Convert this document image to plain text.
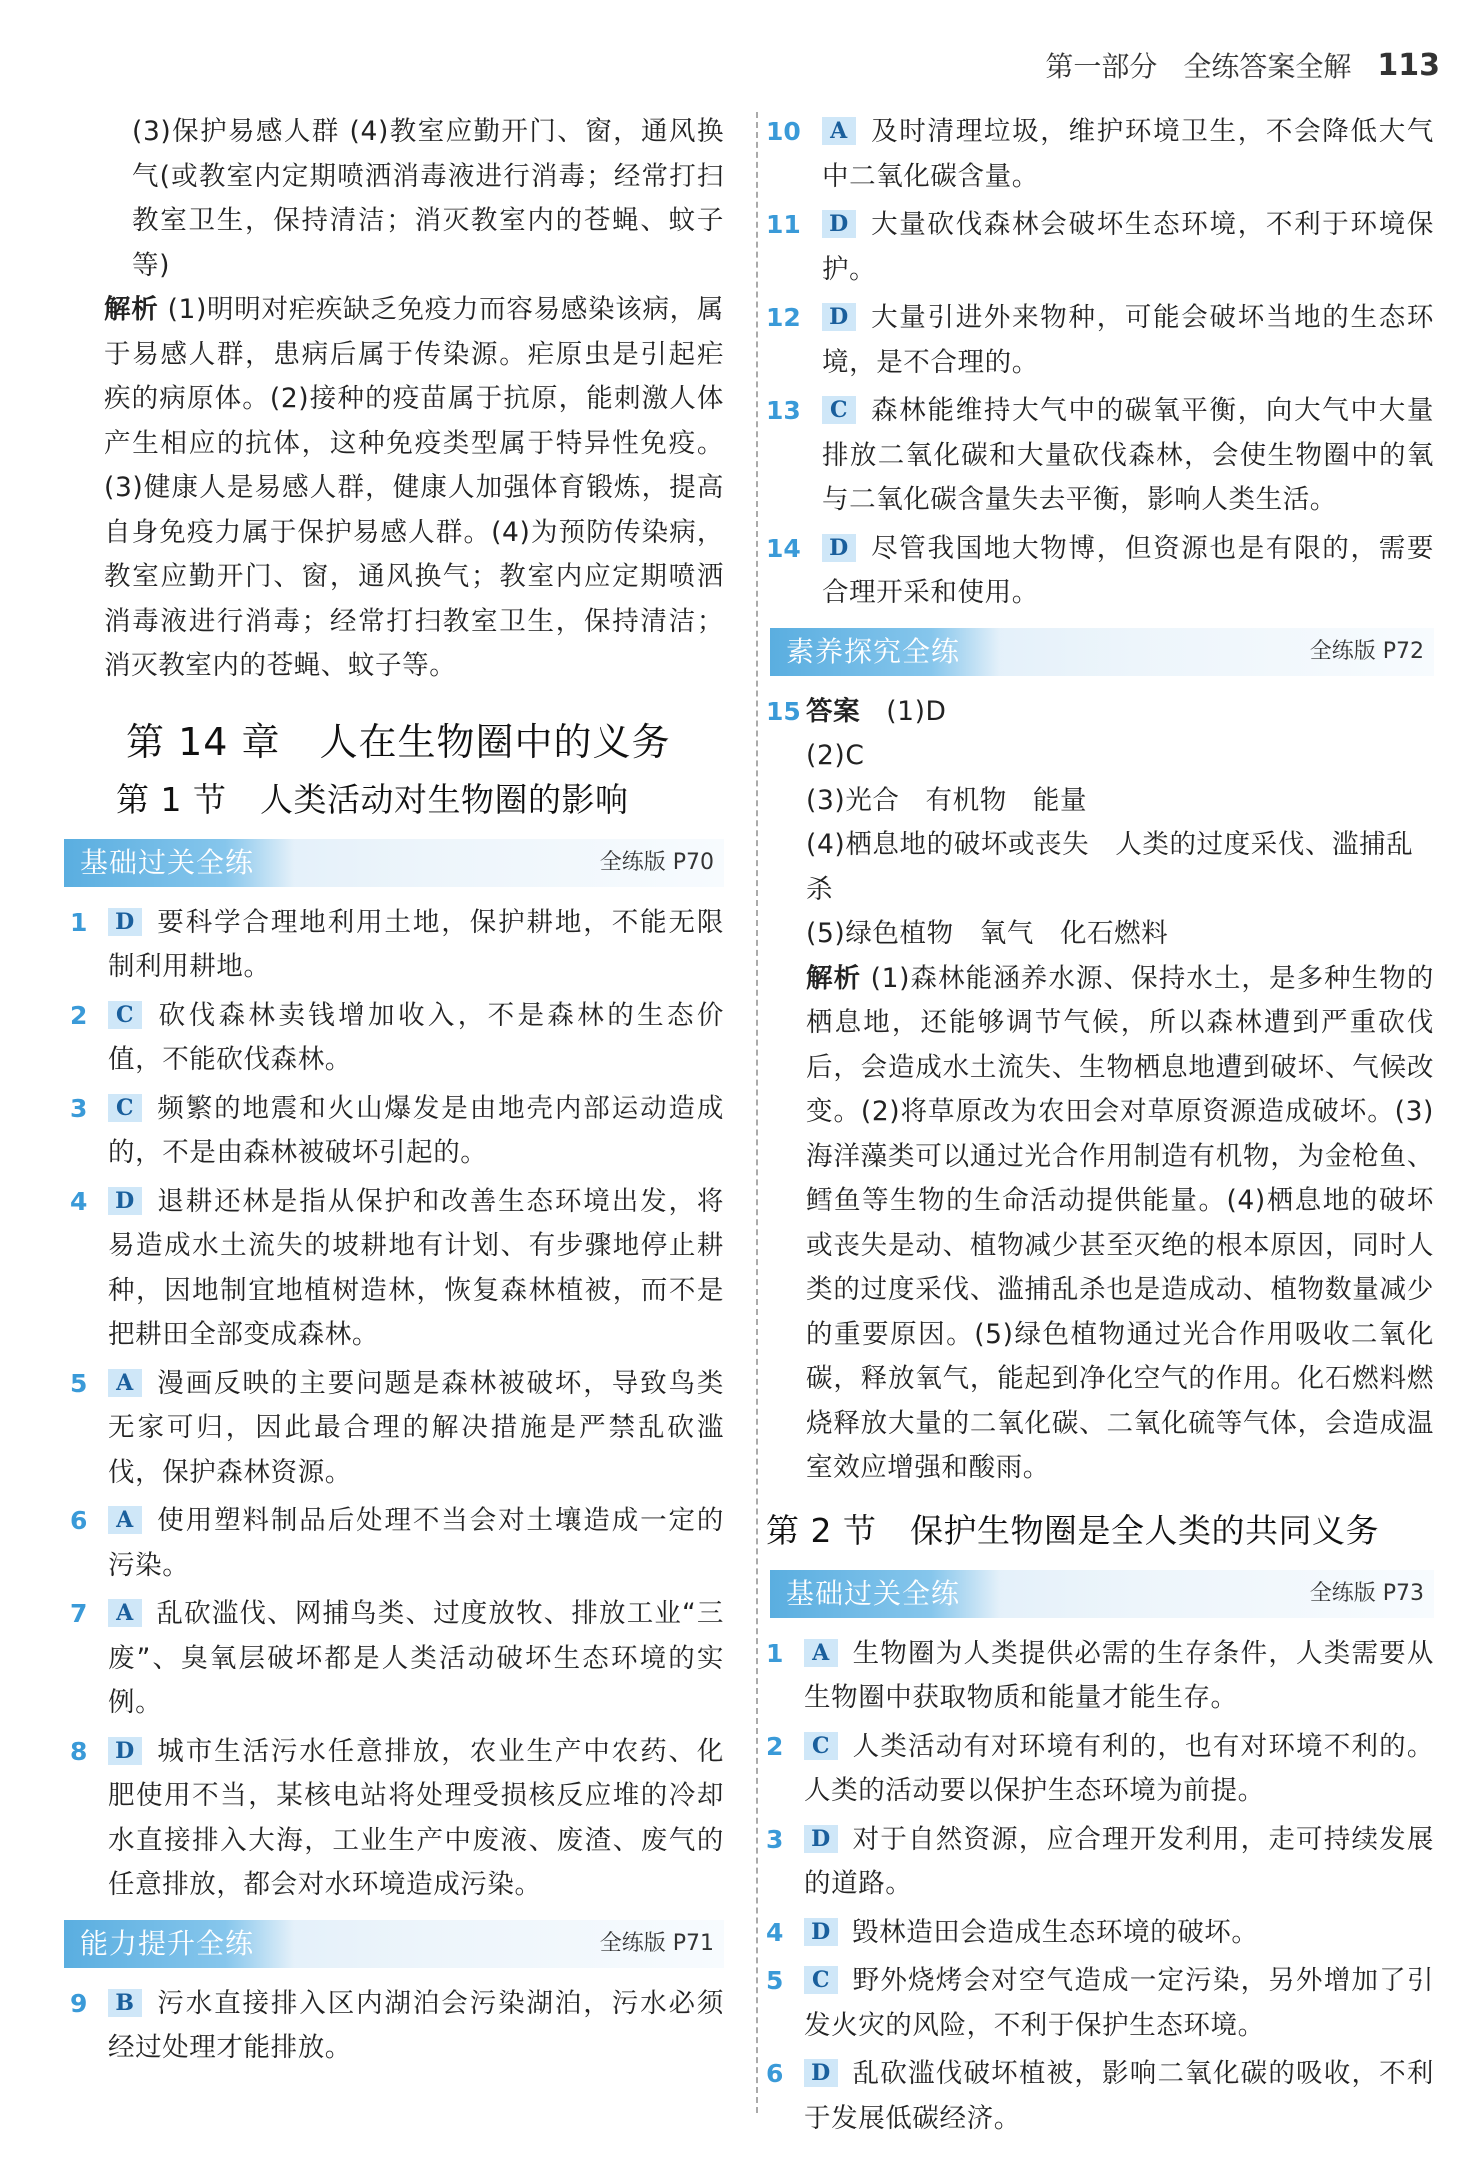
第一部分 全练答案全解 113

(3)保护易感人群 (4)教室应勤开门、窗，通风换气(或教室内定期喷洒消毒液进行消毒；经常打扫教室卫生，保持清洁；消灭教室内的苍蝇、蚊子等)

解析 (1)明明对疟疾缺乏免疫力而容易感染该病，属于易感人群，患病后属于传染源。疟原虫是引起疟疾的病原体。(2)接种的疫苗属于抗原，能刺激人体产生相应的抗体，这种免疫类型属于特异性免疫。(3)健康人是易感人群，健康人加强体育锻炼，提高自身免疫力属于保护易感人群。(4)为预防传染病，教室应勤开门、窗，通风换气；教室内应定期喷洒消毒液进行消毒；经常打扫教室卫生，保持清洁；消灭教室内的苍蝇、蚊子等。

第 14 章　人在生物圈中的义务
第 1 节　人类活动对生物圈的影响
基础过关全练	全练版 P70
1	D 要科学合理地利用土地，保护耕地，不能无限制利用耕地。

2	C 砍伐森林卖钱增加收入，不是森林的生态价值，不能砍伐森林。

3	C 频繁的地震和火山爆发是由地壳内部运动造成的，不是由森林被破坏引起的。

4	D 退耕还林是指从保护和改善生态环境出发，将易造成水土流失的坡耕地有计划、有步骤地停止耕种，因地制宜地植树造林，恢复森林植被，而不是把耕田全部变成森林。

5	A 漫画反映的主要问题是森林被破坏，导致鸟类无家可归，因此最合理的解决措施是严禁乱砍滥伐，保护森林资源。

6	A 使用塑料制品后处理不当会对土壤造成一定的污染。

7	A 乱砍滥伐、网捕鸟类、过度放牧、排放工业“三废”、臭氧层破坏都是人类活动破坏生态环境的实例。

8	D 城市生活污水任意排放，农业生产中农药、化肥使用不当，某核电站将处理受损核反应堆的冷却水直接排入大海，工业生产中废液、废渣、废气的任意排放，都会对水环境造成污染。

能力提升全练	全练版 P71
9	B 污水直接排入区内湖泊会污染湖泊，污水必须经过处理才能排放。

10	A 及时清理垃圾，维护环境卫生，不会降低大气中二氧化碳含量。

11	D 大量砍伐森林会破坏生态环境，不利于环境保护。

12	D 大量引进外来物种，可能会破坏当地的生态环境，是不合理的。

13	C 森林能维持大气中的碳氧平衡，向大气中大量排放二氧化碳和大量砍伐森林，会使生物圈中的氧与二氧化碳含量失去平衡，影响人类生活。

14	D 尽管我国地大物博，但资源也是有限的，需要合理开采和使用。

素养探究全练	全练版 P72
15 答案 (1)D
(2)C
(3)光合 有机物 能量
(4)栖息地的破坏或丧失 人类的过度采伐、滥捕乱杀
(5)绿色植物 氧气 化石燃料

解析 (1)森林能涵养水源、保持水土，是多种生物的栖息地，还能够调节气候，所以森林遭到严重砍伐后，会造成水土流失、生物栖息地遭到破坏、气候改变。(2)将草原改为农田会对草原资源造成破坏。(3)海洋藻类可以通过光合作用制造有机物，为金枪鱼、鳕鱼等生物的生命活动提供能量。(4)栖息地的破坏或丧失是动、植物减少甚至灭绝的根本原因，同时人类的过度采伐、滥捕乱杀也是造成动、植物数量减少的重要原因。(5)绿色植物通过光合作用吸收二氧化碳，释放氧气，能起到净化空气的作用。化石燃料燃烧释放大量的二氧化碳、二氧化硫等气体，会造成温室效应增强和酸雨。

第 2 节　保护生物圈是全人类的共同义务
基础过关全练	全练版 P73
1	A 生物圈为人类提供必需的生存条件，人类需要从生物圈中获取物质和能量才能生存。

2	C 人类活动有对环境有利的，也有对环境不利的。人类的活动要以保护生态环境为前提。

3	D 对于自然资源，应合理开发利用，走可持续发展的道路。

4	D 毁林造田会造成生态环境的破坏。

5	C 野外烧烤会对空气造成一定污染，另外增加了引发火灾的风险，不利于保护生态环境。

6	D 乱砍滥伐破坏植被，影响二氧化碳的吸收，不利于发展低碳经济。
